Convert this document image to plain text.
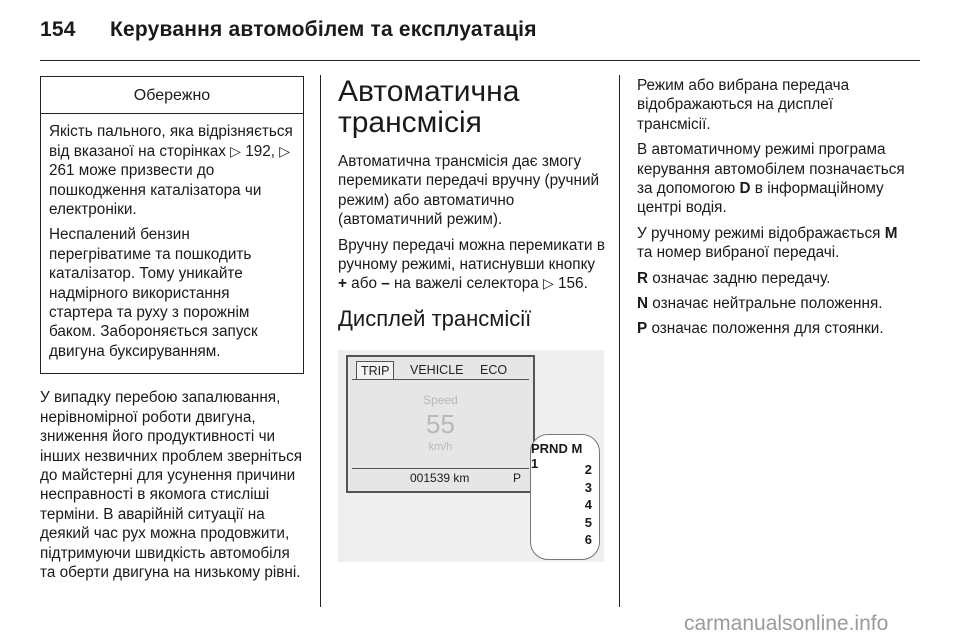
154 Керування автомобілем та експлуатація
Обережно

Якість пального, яка відрізняється від вказаної на сторінках ▷ 192, ▷ 261 може призвести до пошкодження каталізатора чи електроніки.

Неспалений бензин перегріватиме та пошкодить каталізатор. Тому уникайте надмірного використання стартера та руху з порожнім баком. Забороняється запуск двигуна буксируванням.

У випадку перебою запалювання, нерівномірної роботи двигуна, зниження його продуктивності чи інших незвичних проблем зверніться до майстерні для усунення причини несправності в якомога стисліші терміни. В аварійній ситуації на деякий час рух можна продовжити, підтримуючи швидкість автомобіля та оберти двигуна на низькому рівні.

Автоматична трансмісія

Автоматична трансмісія дає змогу перемикати передачі вручну (ручний режим) або автоматично (автоматичний режим).

Вручну передачі можна перемикати в ручному режимі, натиснувши кнопку + або – на важелі селектора ▷ 156.

Дисплей трансмісії
TRIP	VEHICLE ECO
Speed
55
km/h
001539 km	P
PRND M 1	2
3
4
5
6

Режим або вибрана передача відображаються на дисплеї трансмісії.

В автоматичному режимі програма керування автомобілем позначається за допомогою D в інформаційному центрі водія.

У ручному режимі відображається M та номер вибраної передачі.

R означає задню передачу.

N означає нейтральне положення.

P означає положення для стоянки.

carmanualsonline.info
